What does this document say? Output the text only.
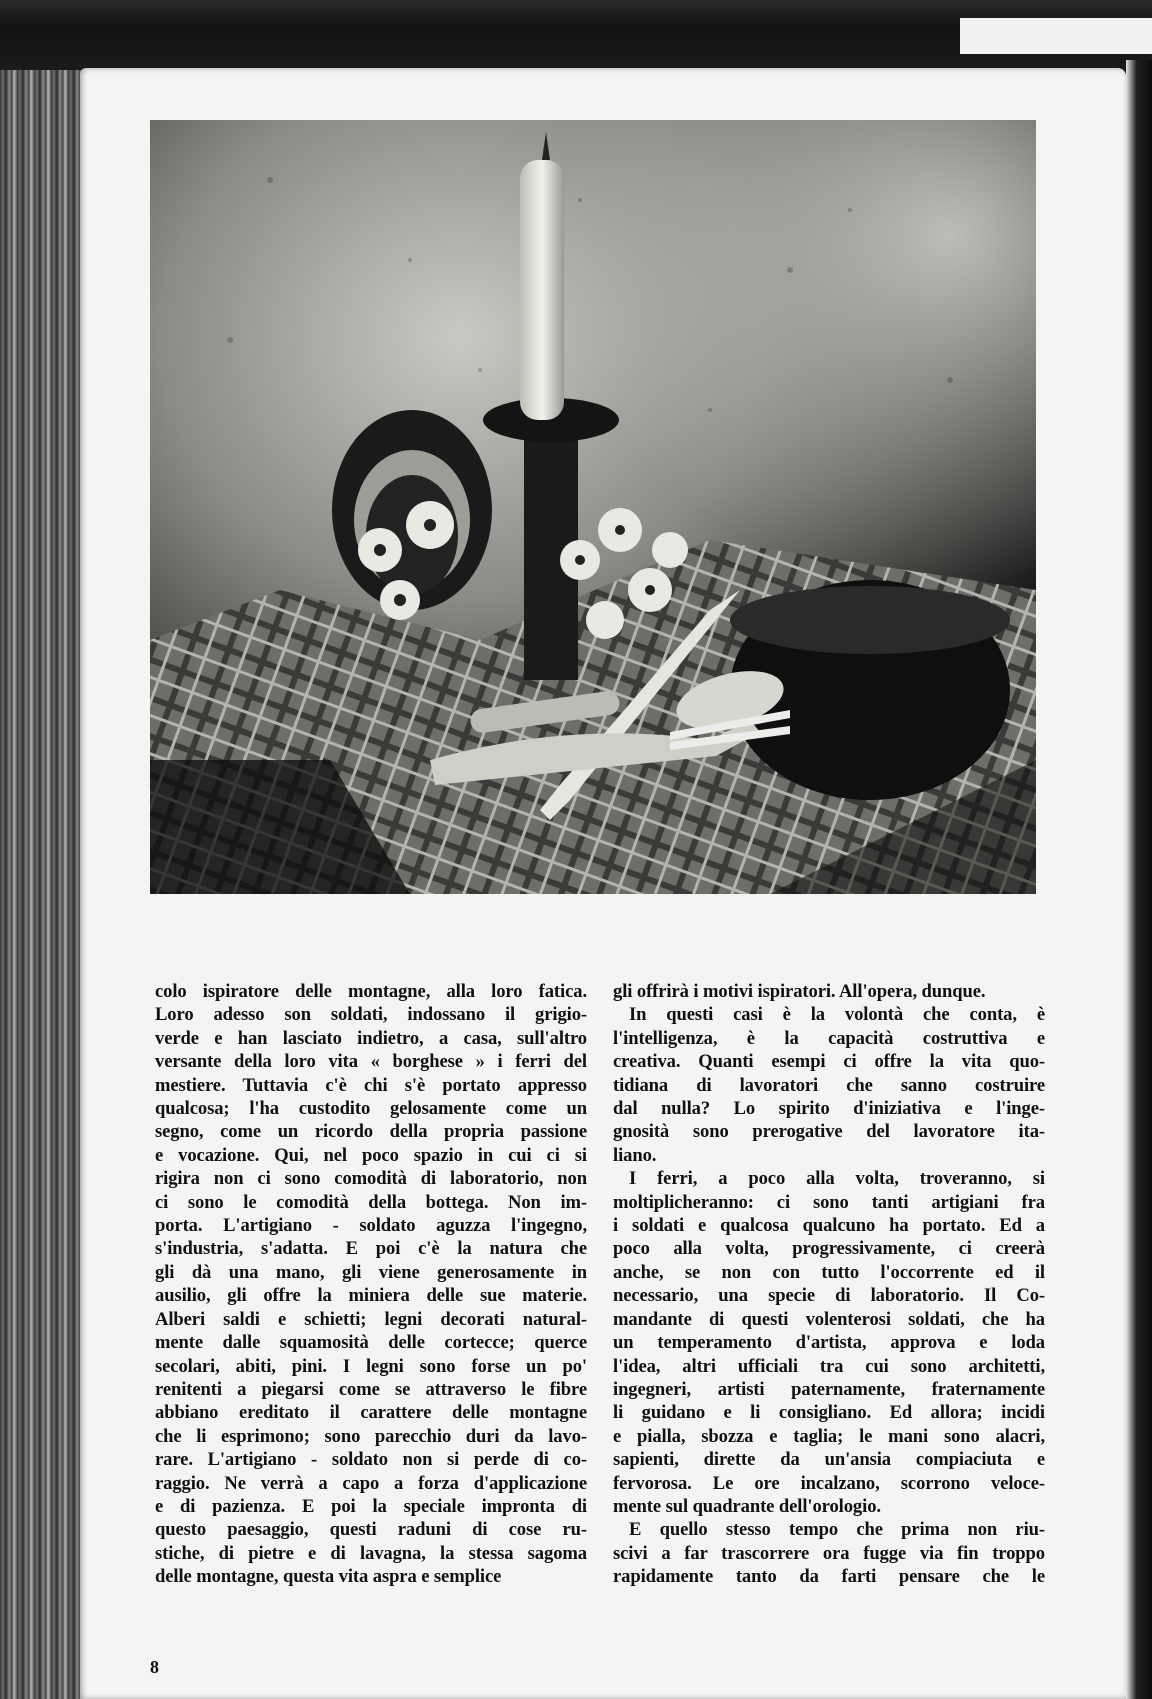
colo ispiratore delle montagne, alla loro fatica.
Loro adesso son soldati, indossano il grigio-
verde e han lasciato indietro, a casa, sull'altro
versante della loro vita « borghese » i ferri del
mestiere. Tuttavia c'è chi s'è portato appresso
qualcosa; l'ha custodito gelosamente come un
segno, come un ricordo della propria passione
e vocazione. Qui, nel poco spazio in cui ci si
rigira non ci sono comodità di laboratorio, non
ci sono le comodità della bottega. Non im-
porta. L'artigiano - soldato aguzza l'ingegno,
s'industria, s'adatta. E poi c'è la natura che
gli dà una mano, gli viene generosamente in
ausilio, gli offre la miniera delle sue materie.
Alberi saldi e schietti; legni decorati natural-
mente dalle squamosità delle cortecce; querce
secolari, abiti, pini. I legni sono forse un po'
renitenti a piegarsi come se attraverso le fibre
abbiano ereditato il carattere delle montagne
che li esprimono; sono parecchio duri da lavo-
rare. L'artigiano - soldato non si perde di co-
raggio. Ne verrà a capo a forza d'applicazione
e di pazienza. E poi la speciale impronta di
questo paesaggio, questi raduni di cose ru-
stiche, di pietre e di lavagna, la stessa sagoma
delle montagne, questa vita aspra e semplice
gli offrirà i motivi ispiratori. All'opera, dunque.
In questi casi è la volontà che conta, è
l'intelligenza, è la capacità costruttiva e
creativa. Quanti esempi ci offre la vita quo-
tidiana di lavoratori che sanno costruire
dal nulla? Lo spirito d'iniziativa e l'inge-
gnosità sono prerogative del lavoratore ita-
liano.
I ferri, a poco alla volta, troveranno, si
moltiplicheranno: ci sono tanti artigiani fra
i soldati e qualcosa qualcuno ha portato. Ed a
poco alla volta, progressivamente, ci creerà
anche, se non con tutto l'occorrente ed il
necessario, una specie di laboratorio. Il Co-
mandante di questi volenterosi soldati, che ha
un temperamento d'artista, approva e loda
l'idea, altri ufficiali tra cui sono architetti,
ingegneri, artisti paternamente, fraternamente
li guidano e li consigliano. Ed allora; incidi
e pialla, sbozza e taglia; le mani sono alacri,
sapienti, dirette da un'ansia compiaciuta e
fervorosa. Le ore incalzano, scorrono veloce-
mente sul quadrante dell'orologio.
E quello stesso tempo che prima non riu-
scivi a far trascorrere ora fugge via fin troppo
rapidamente tanto da farti pensare che le
8
